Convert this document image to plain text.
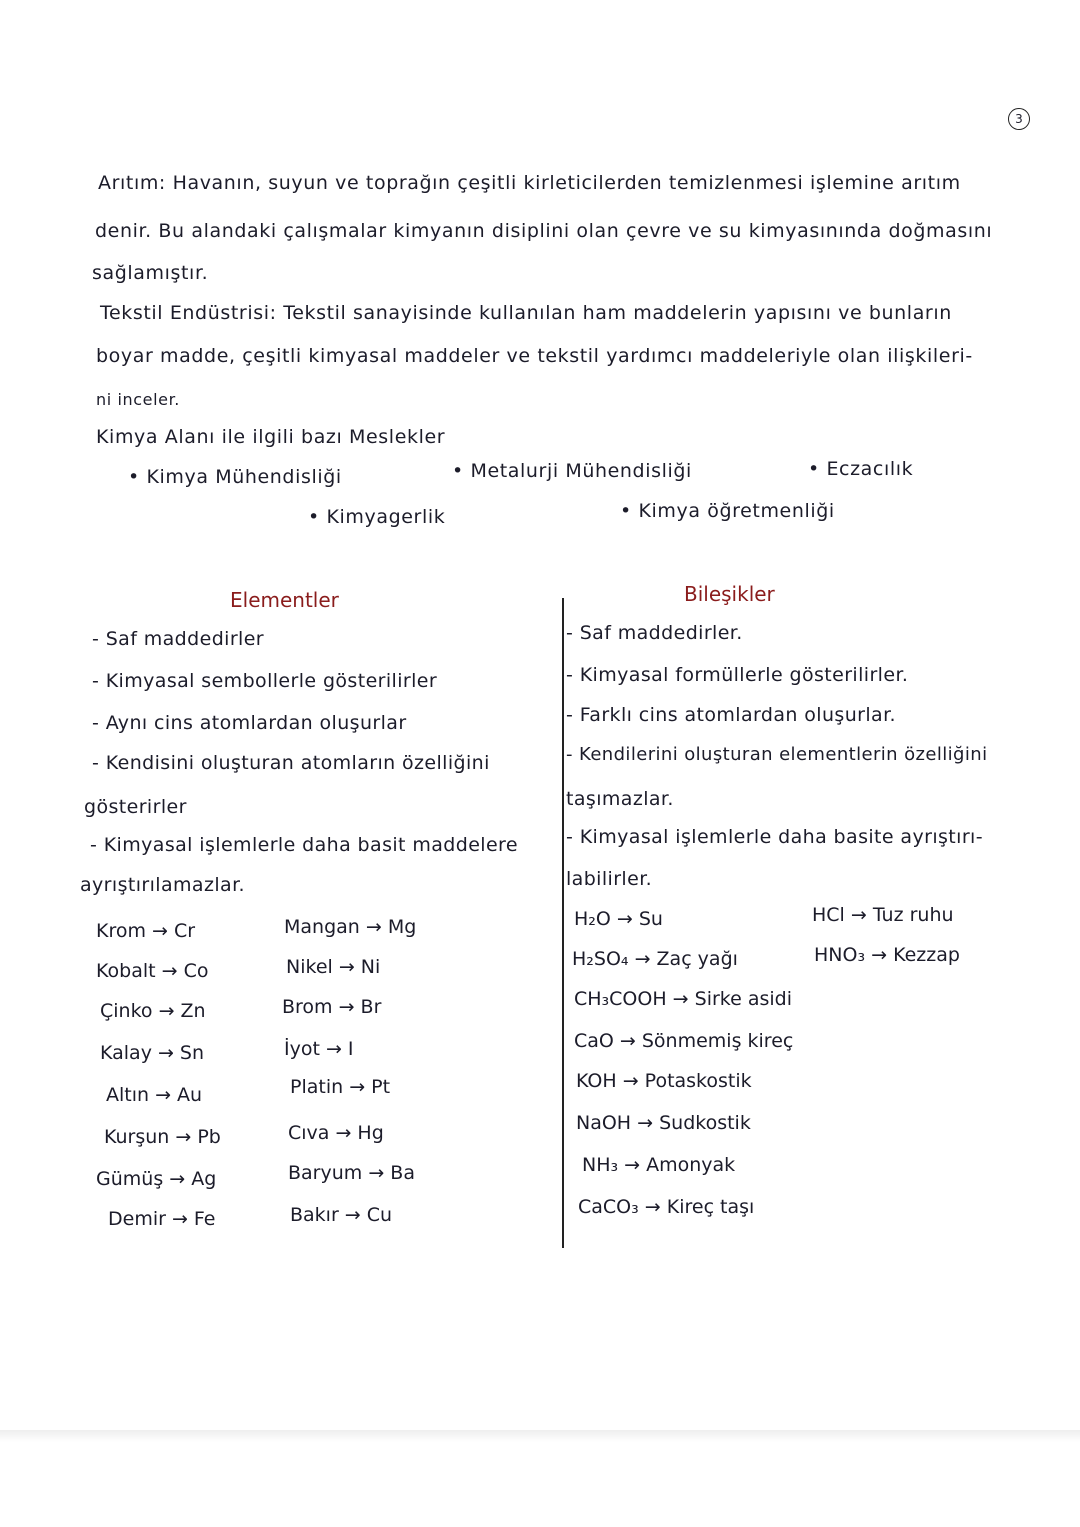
3
Arıtım: Havanın, suyun ve toprağın çeşitli kirleticilerden temizlenmesi işlemine arıtım
denir. Bu alandaki çalışmalar kimyanın disiplini olan çevre ve su kimyasınında doğmasını
sağlamıştır.
Tekstil Endüstrisi: Tekstil sanayisinde kullanılan ham maddelerin yapısını ve bunların
boyar madde, çeşitli kimyasal maddeler ve tekstil yardımcı maddeleriyle olan ilişkileri-
ni inceler.
Kimya Alanı ile ilgili bazı Meslekler
• Kimya Mühendisliği	• Metalurji Mühendisliği	• Eczacılık
• Kimyagerlik	• Kimya öğretmenliği
Elementler	Bileşikler
- Saf maddedirler
- Kimyasal sembollerle gösterilirler
- Aynı cins atomlardan oluşurlar
- Kendisini oluşturan atomların özelliğini
gösterirler
- Kimyasal işlemlerle daha basit maddelere
ayrıştırılamazlar.
- Saf maddedirler.
- Kimyasal formüllerle gösterilirler.
- Farklı cins atomlardan oluşurlar.
- Kendilerini oluşturan elementlerin özelliğini
taşımazlar.
- Kimyasal işlemlerle daha basite ayrıştırı-
labilirler.
Krom → Cr
Kobalt → Co
Çinko → Zn
Kalay → Sn
Altın → Au
Kurşun → Pb
Gümüş → Ag
Demir → Fe
Mangan → Mg
Nikel → Ni
Brom → Br
İyot → I
Platin → Pt
Cıva → Hg
Baryum → Ba
Bakır → Cu
H₂O → Su
H₂SO₄ → Zaç yağı
CH₃COOH → Sirke asidi
CaO → Sönmemiş kireç
KOH → Potaskostik
NaOH → Sudkostik
NH₃ → Amonyak
CaCO₃ → Kireç taşı
HCl → Tuz ruhu
HNO₃ → Kezzap
